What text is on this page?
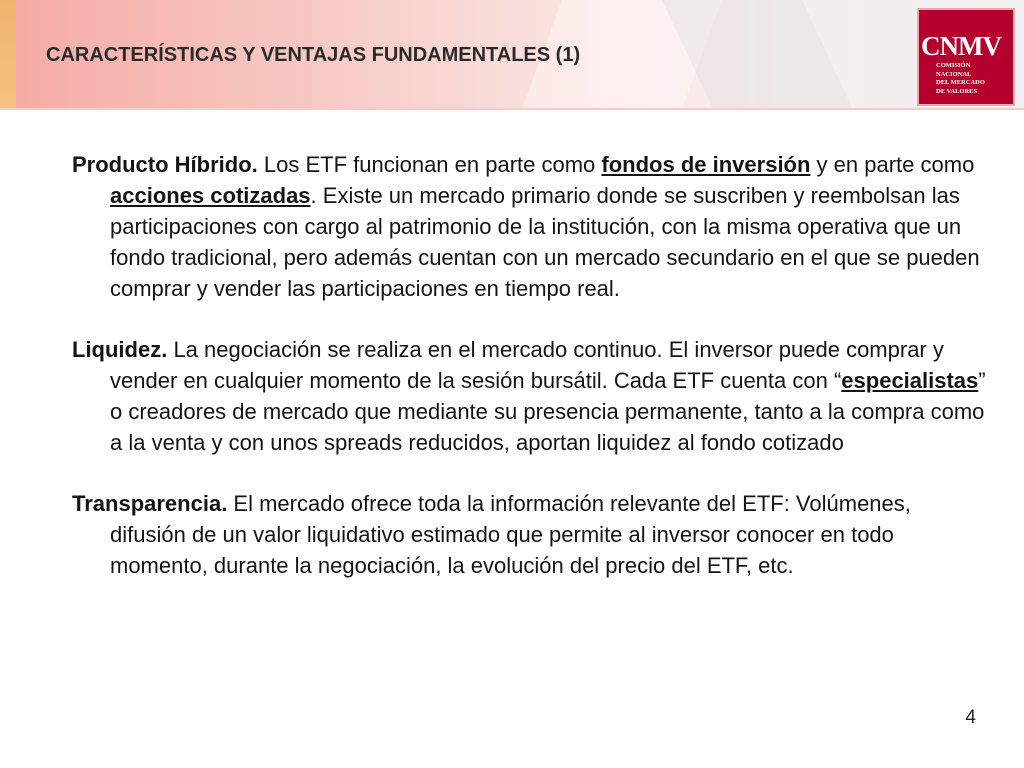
CARACTERÍSTICAS Y VENTAJAS FUNDAMENTALES (1)	CNMV
COMISIÓN
NACIONAL
DEL MERCADO
DE VALORES

Producto Híbrido. Los ETF funcionan en parte como fondos de inversión y en parte como acciones cotizadas. Existe un mercado primario donde se suscriben y reembolsan las participaciones con cargo al patrimonio de la institución, con la misma operativa que un fondo tradicional, pero además cuentan con un mercado secundario en el que se pueden comprar y vender las participaciones en tiempo real.

Liquidez. La negociación se realiza en el mercado continuo. El inversor puede comprar y vender en cualquier momento de la sesión bursátil. Cada ETF cuenta con “especialistas” o creadores de mercado que mediante su presencia permanente, tanto a la compra como a la venta y con unos spreads reducidos, aportan liquidez al fondo cotizado

Transparencia. El mercado ofrece toda la información relevante del ETF: Volúmenes, difusión de un valor liquidativo estimado que permite al inversor conocer en todo momento, durante la negociación, la evolución del precio del ETF, etc.

4
